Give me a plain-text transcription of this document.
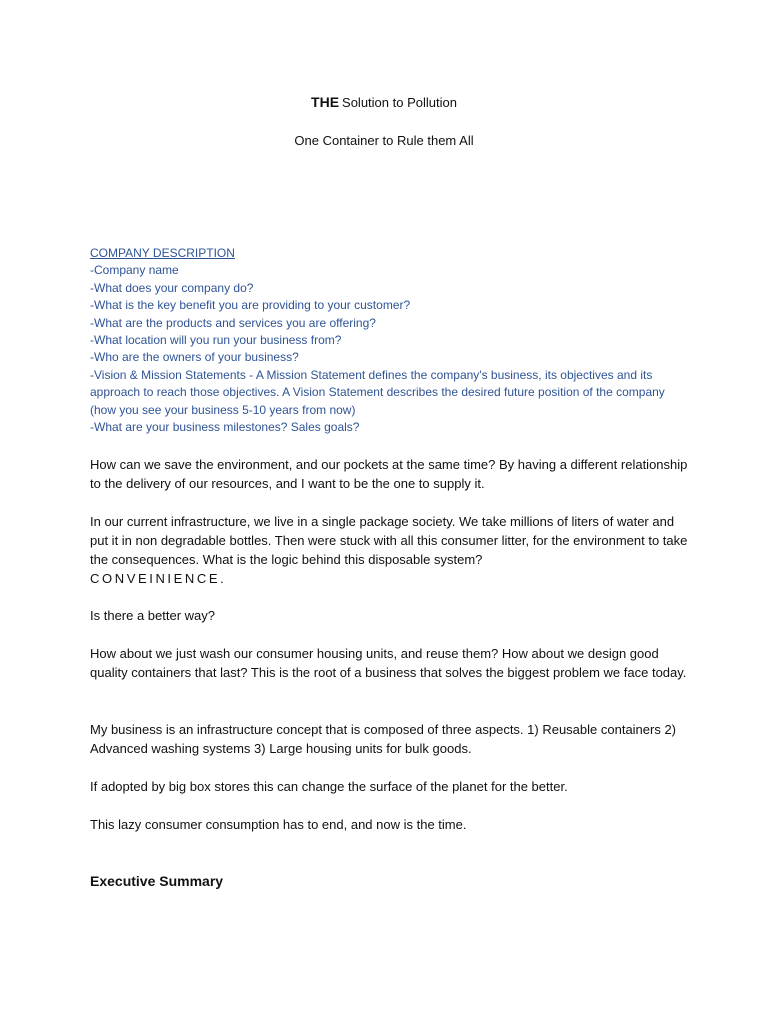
THE Solution to Pollution
One Container to Rule them All
COMPANY DESCRIPTION
-Company name
-What does your company do?
-What is the key benefit you are providing to your customer?
-What are the products and services you are offering?
-What location will you run your business from?
-Who are the owners of your business?
-Vision & Mission Statements - A Mission Statement defines the company's business, its objectives and its approach to reach those objectives. A Vision Statement describes the desired future position of the company (how you see your business 5-10 years from now)
-What are your business milestones? Sales goals?

How can we save the environment, and our pockets at the same time? By having a different relationship to the delivery of our resources, and I want to be the one to supply it.

In our current infrastructure, we live in a single package society. We take millions of liters of water and put it in non degradable bottles. Then were stuck with all this consumer litter, for the environment to take the consequences. What is the logic behind this disposable system?
CONVEINIENCE.

Is there a better way?

How about we just wash our consumer housing units, and reuse them? How about we design good quality containers that last? This is the root of a business that solves the biggest problem we face today.

My business is an infrastructure concept that is composed of three aspects. 1) Reusable containers 2) Advanced washing systems 3) Large housing units for bulk goods.

If adopted by big box stores this can change the surface of the planet for the better.

This lazy consumer consumption has to end, and now is the time.

Executive Summary
